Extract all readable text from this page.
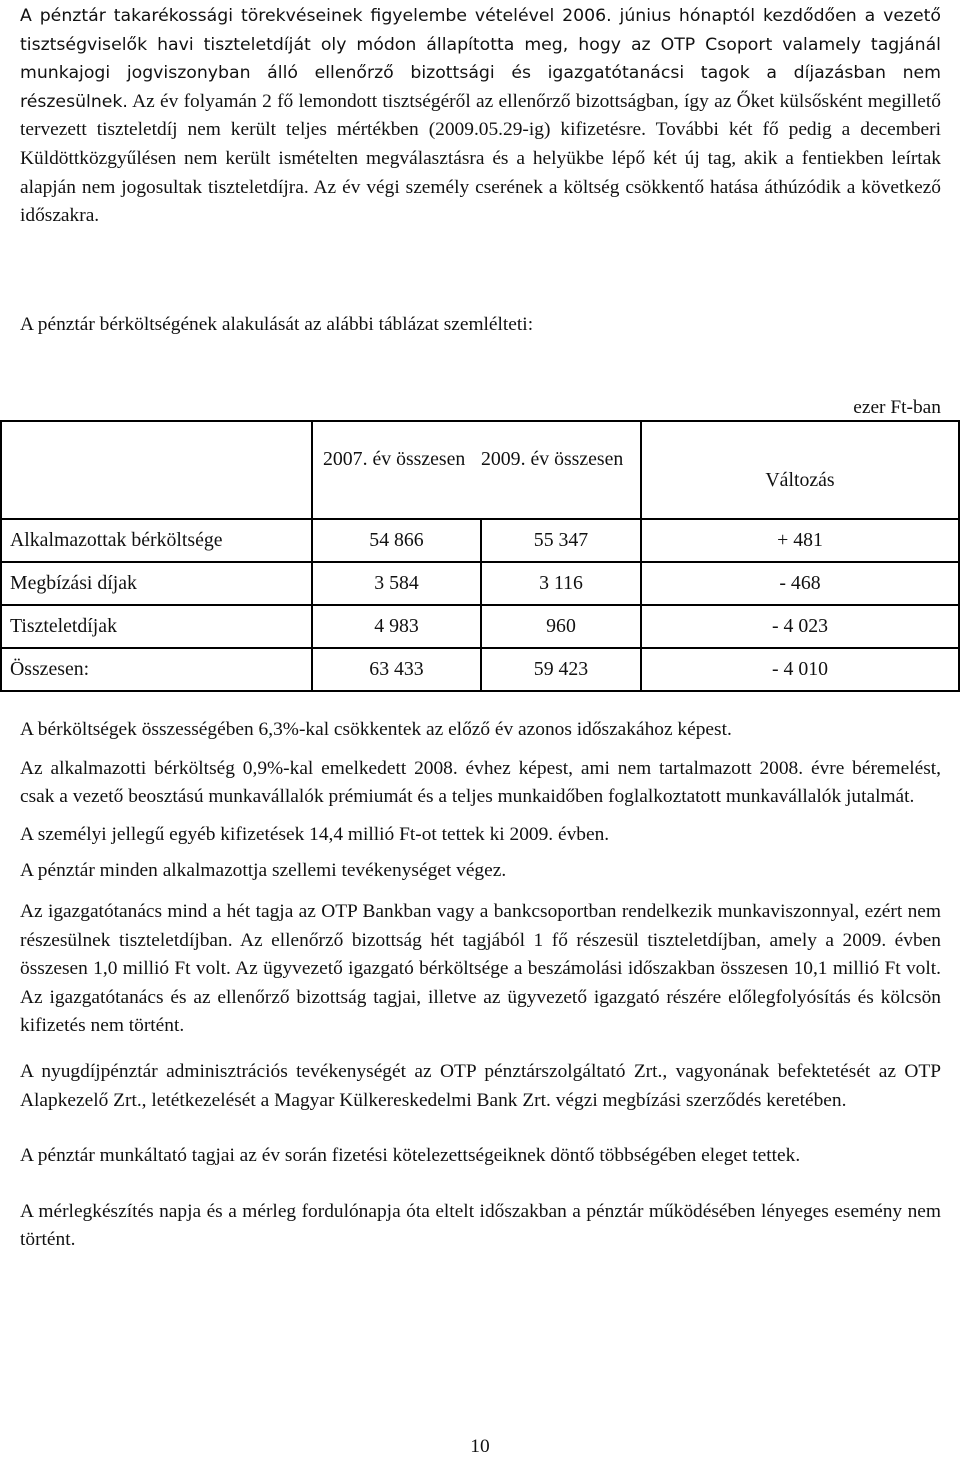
A pénztár takarékossági törekvéseinek figyelembe vételével 2006. június hónaptól kezdődően a vezető tisztségviselők havi tiszteletdíját oly módon állapította meg, hogy az OTP Csoport valamely tagjánál munkajogi jogviszonyban álló ellenőrző bizottsági és igazgatótanácsi tagok a díjazásban nem részesülnek. Az év folyamán 2 fő lemondott tisztségéről az ellenőrző bizottságban, így az Őket külsősként megillető tervezett tiszteletdíj nem került teljes mértékben (2009.05.29-ig) kifizetésre. További két fő pedig a decemberi Küldöttközgyűlésen nem került ismételten megválasztásra és a helyükbe lépő két új tag, akik a fentiekben leírtak alapján nem jogosultak tiszteletdíjra. Az év végi személy cserének a költség csökkentő hatása áthúzódik a következő időszakra.

A pénztár bérköltségének alakulását az alábbi táblázat szemlélteti:

ezer Ft-ban
	2007. év összesen	2009. év összesen	Változás
Alkalmazottak bérköltsége	54 866	55 347	+ 481
Megbízási díjak	3 584	3 116	- 468
Tiszteletdíjak	4 983	960	- 4 023
Összesen:	63 433	59 423	- 4 010

A bérköltségek összességében 6,3%-kal csökkentek az előző év azonos időszakához képest.

Az alkalmazotti bérköltség 0,9%-kal emelkedett 2008. évhez képest, ami nem tartalmazott 2008. évre béremelést, csak a vezető beosztású munkavállalók prémiumát és a teljes munkaidőben foglalkoztatott munkavállalók jutalmát.

A személyi jellegű egyéb kifizetések 14,4 millió Ft-ot tettek ki 2009. évben.

A pénztár minden alkalmazottja szellemi tevékenységet végez.

Az igazgatótanács mind a hét tagja az OTP Bankban vagy a bankcsoportban rendelkezik munkaviszonnyal, ezért nem részesülnek tiszteletdíjban. Az ellenőrző bizottság hét tagjából 1 fő részesül tiszteletdíjban, amely a 2009. évben összesen 1,0 millió Ft volt. Az ügyvezető igazgató bérköltsége a beszámolási időszakban összesen 10,1 millió Ft volt. Az igazgatótanács és az ellenőrző bizottság tagjai, illetve az ügyvezető igazgató részére előlegfolyósítás és kölcsön kifizetés nem történt.

A nyugdíjpénztár adminisztrációs tevékenységét az OTP pénztárszolgáltató Zrt., vagyonának befektetését az OTP Alapkezelő Zrt., letétkezelését a Magyar Külkereskedelmi Bank Zrt. végzi megbízási szerződés keretében.

A pénztár munkáltató tagjai az év során fizetési kötelezettségeiknek döntő többségében eleget tettek.

A mérlegkészítés napja és a mérleg fordulónapja óta eltelt időszakban a pénztár működésében lényeges esemény nem történt.

10
